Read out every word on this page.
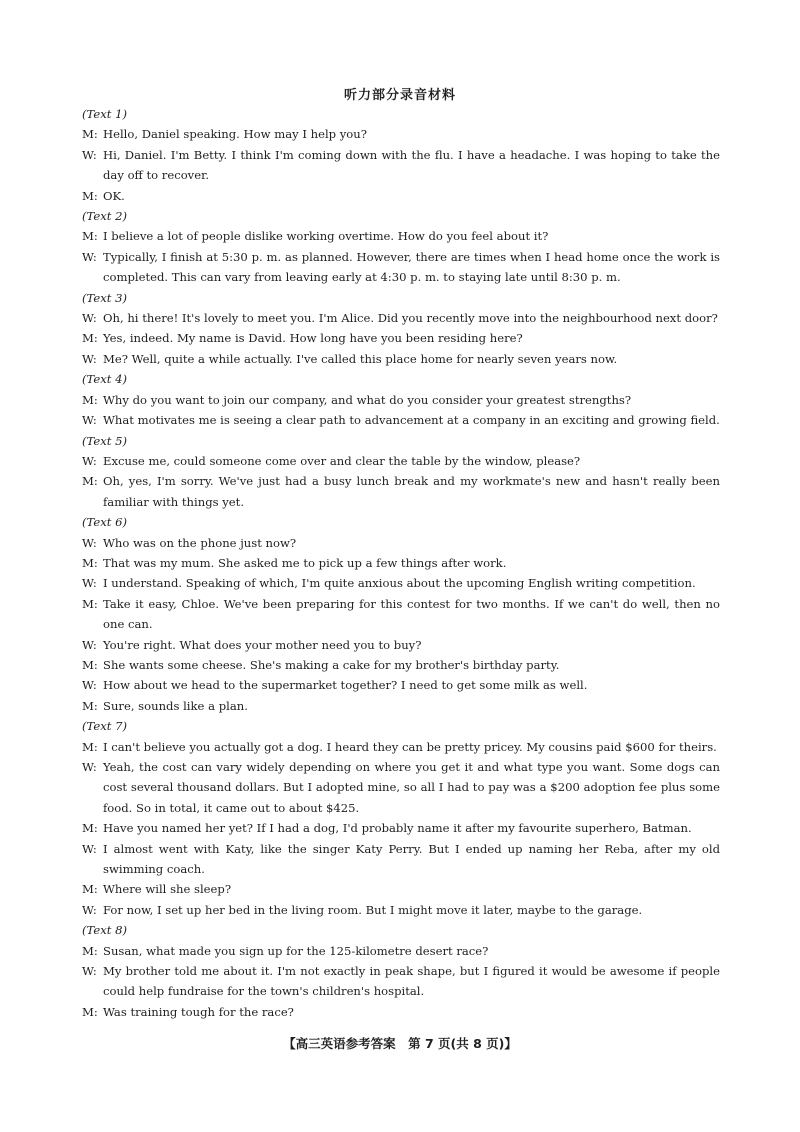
听力部分录音材料
(Text 1)
M: Hello, Daniel speaking. How may I help you?
W: Hi, Daniel. I'm Betty. I think I'm coming down with the flu. I have a headache. I was hoping to take the day off to recover.
M: OK.
(Text 2)
M: I believe a lot of people dislike working overtime. How do you feel about it?
W: Typically, I finish at 5:30 p. m. as planned. However, there are times when I head home once the work is completed. This can vary from leaving early at 4:30 p. m. to staying late until 8:30 p. m.
(Text 3)
W: Oh, hi there! It's lovely to meet you. I'm Alice. Did you recently move into the neighbourhood next door?
M: Yes, indeed. My name is David. How long have you been residing here?
W: Me? Well, quite a while actually. I've called this place home for nearly seven years now.
(Text 4)
M: Why do you want to join our company, and what do you consider your greatest strengths?
W: What motivates me is seeing a clear path to advancement at a company in an exciting and growing field.
(Text 5)
W: Excuse me, could someone come over and clear the table by the window, please?
M: Oh, yes, I'm sorry. We've just had a busy lunch break and my workmate's new and hasn't really been familiar with things yet.
(Text 6)
W: Who was on the phone just now?
M: That was my mum. She asked me to pick up a few things after work.
W: I understand. Speaking of which, I'm quite anxious about the upcoming English writing competition.
M: Take it easy, Chloe. We've been preparing for this contest for two months. If we can't do well, then no one can.
W: You're right. What does your mother need you to buy?
M: She wants some cheese. She's making a cake for my brother's birthday party.
W: How about we head to the supermarket together? I need to get some milk as well.
M: Sure, sounds like a plan.
(Text 7)
M: I can't believe you actually got a dog. I heard they can be pretty pricey. My cousins paid $600 for theirs.
W: Yeah, the cost can vary widely depending on where you get it and what type you want. Some dogs can cost several thousand dollars. But I adopted mine, so all I had to pay was a $200 adoption fee plus some food. So in total, it came out to about $425.
M: Have you named her yet? If I had a dog, I'd probably name it after my favourite superhero, Batman.
W: I almost went with Katy, like the singer Katy Perry. But I ended up naming her Reba, after my old swimming coach.
M: Where will she sleep?
W: For now, I set up her bed in the living room. But I might move it later, maybe to the garage.
(Text 8)
M: Susan, what made you sign up for the 125-kilometre desert race?
W: My brother told me about it. I'm not exactly in peak shape, but I figured it would be awesome if people could help fundraise for the town's children's hospital.
M: Was training tough for the race?
【高三英语参考答案　第 7 页(共 8 页)】
